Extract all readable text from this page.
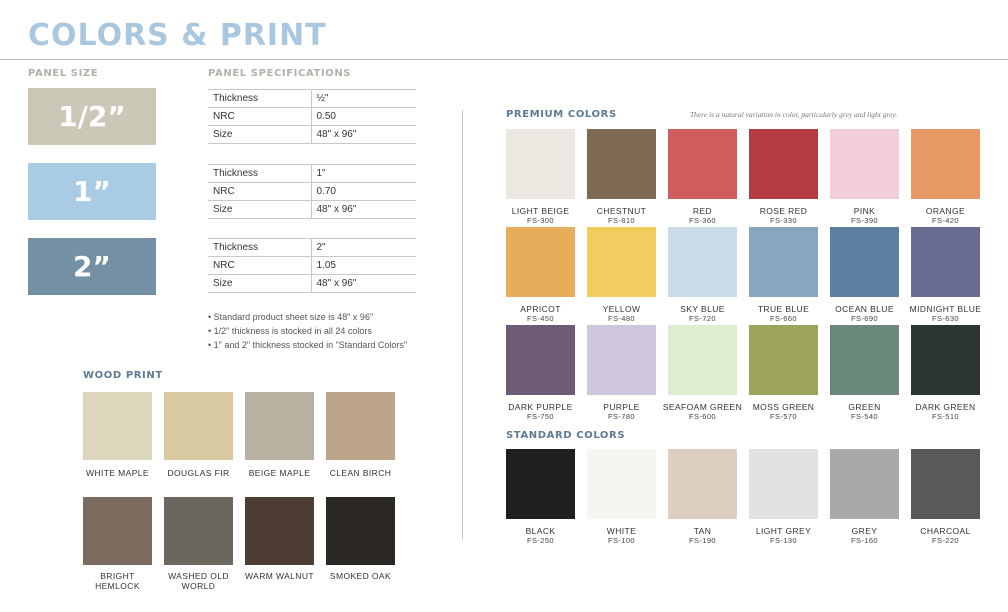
COLORS & PRINT
PANEL SIZE
1/2”
1”
2”
PANEL SPECIFICATIONS
Thickness	½"
NRC	0.50
Size	48" x 96"
Thickness	1"
NRC	0.70
Size	48" x 96"
Thickness	2"
NRC	1.05
Size	48" x 96"
• Standard product sheet size is 48" x 96"
• 1/2" thickness is stocked in all 24 colors
• 1" and 2" thickness stocked in "Standard Colors"
WOOD PRINT
WHITE MAPLE	DOUGLAS FIR	BEIGE MAPLE	CLEAN BIRCH
BRIGHT HEMLOCK
WASHED OLD WORLD
WARM WALNUT	SMOKED OAK
PREMIUM COLORS	There is a natural variation in color, particularly grey and light grey.
LIGHT BEIGE
FS-300
CHESTNUT
FS-810
RED
FS-360
ROSE RED
FS-330
PINK
FS-390
ORANGE
FS-420
APRICOT
FS-450
YELLOW
FS-480
SKY BLUE
FS-720
TRUE BLUE
FS-660
OCEAN BLUE
FS-690
MIDNIGHT BLUE
FS-630
DARK PURPLE
FS-750
PURPLE
FS-780
SEAFOAM GREEN
FS-600
MOSS GREEN
FS-570
GREEN
FS-540
DARK GREEN
FS-510
STANDARD COLORS
BLACK
FS-250
WHITE
FS-100
TAN
FS-190
LIGHT GREY
FS-130
GREY
FS-160
CHARCOAL
FS-220
